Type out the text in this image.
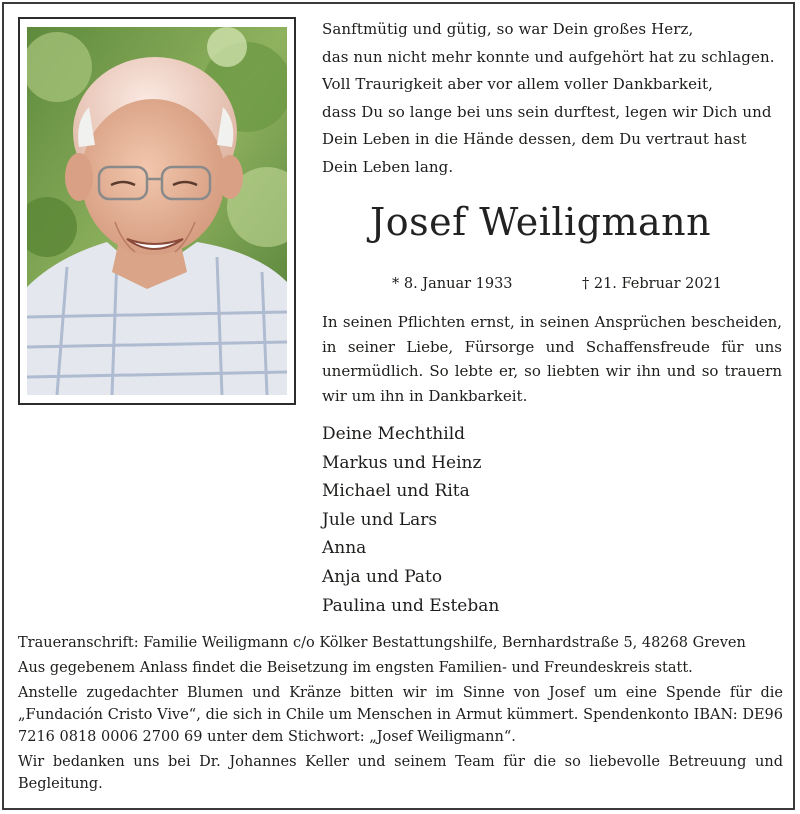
Sanftmütig und gütig, so war Dein großes Herz,
das nun nicht mehr konnte und aufgehört hat zu schlagen.
Voll Traurigkeit aber vor allem voller Dankbarkeit,
dass Du so lange bei uns sein durftest, legen wir Dich und
Dein Leben in die Hände dessen, dem Du vertraut hast
Dein Leben lang.
Josef Weiligmann
* 8. Januar 1933	† 21. Februar 2021
In seinen Pflichten ernst, in seinen Ansprüchen bescheiden, in seiner Liebe, Fürsorge und Schaffensfreude für uns unermüdlich. So lebte er, so liebten wir ihn und so trauern wir um ihn in Dankbarkeit.
Deine Mechthild
Markus und Heinz
Michael und Rita
Jule und Lars
Anna
Anja und Pato
Paulina und Esteban

Traueranschrift: Familie Weiligmann c/o Kölker Bestattungshilfe, Bernhardstraße 5, 48268 Greven

Aus gegebenem Anlass findet die Beisetzung im engsten Familien- und Freundeskreis statt.

Anstelle zugedachter Blumen und Kränze bitten wir im Sinne von Josef um eine Spende für die „Fundación Cristo Vive“, die sich in Chile um Menschen in Armut kümmert. Spendenkonto IBAN: DE96 7216 0818 0006 2700 69 unter dem Stichwort: „Josef Weiligmann“.

Wir bedanken uns bei Dr. Johannes Keller und seinem Team für die so liebevolle Betreuung und Begleitung.
